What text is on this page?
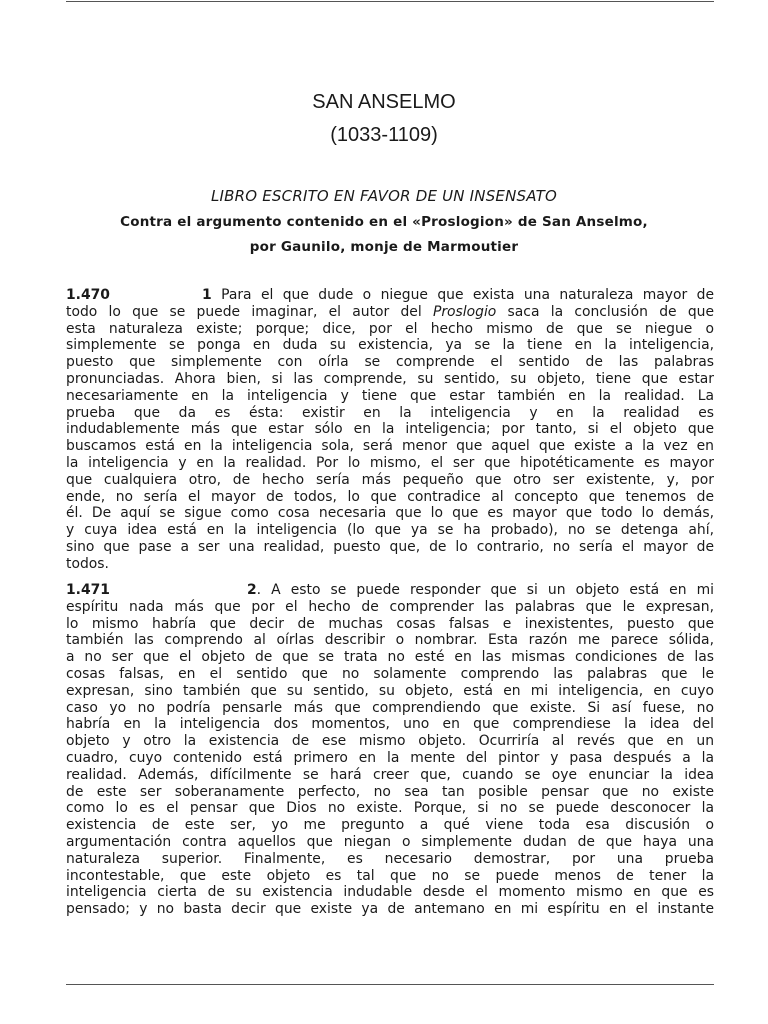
SAN ANSELMO
(1033-1109)
LIBRO ESCRITO EN FAVOR DE UN INSENSATO
Contra el argumento contenido en el «Proslogion» de San Anselmo,
por Gaunilo, monje de Marmoutier
1.470	1 Para el que dude o niegue que exista una naturaleza mayor de
todo lo que se puede imaginar, el autor del Proslogio saca la conclusión de que
esta naturaleza existe; porque; dice, por el hecho mismo de que se niegue o
simplemente se ponga en duda su existencia, ya se la tiene en la inteligencia,
puesto que simplemente con oírla se comprende el sentido de las palabras
pronunciadas. Ahora bien, si las comprende, su sentido, su objeto, tiene que estar
necesariamente en la inteligencia y tiene que estar también en la realidad. La
prueba que da es ésta: existir en la inteligencia y en la realidad es
indudablemente más que estar sólo en la inteligencia; por tanto, si el objeto que
buscamos está en la inteligencia sola, será menor que aquel que existe a la vez en
la inteligencia y en la realidad. Por lo mismo, el ser que hipotéticamente es mayor
que cualquiera otro, de hecho sería más pequeño que otro ser existente, y, por
ende, no sería el mayor de todos, lo que contradice al concepto que tenemos de
él. De aquí se sigue como cosa necesaria que lo que es mayor que todo lo demás,
y cuya idea está en la inteligencia (lo que ya se ha probado), no se detenga ahí,
sino que pase a ser una realidad, puesto que, de lo contrario, no sería el mayor de
todos.
1.471	2. A esto se puede responder que si un objeto está en mi
espíritu nada más que por el hecho de comprender las palabras que le expresan,
lo mismo habría que decir de muchas cosas falsas e inexistentes, puesto que
también las comprendo al oírlas describir o nombrar. Esta razón me parece sólida,
a no ser que el objeto de que se trata no esté en las mismas condiciones de las
cosas falsas, en el sentido que no solamente comprendo las palabras que le
expresan, sino también que su sentido, su objeto, está en mi inteligencia, en cuyo
caso yo no podría pensarle más que comprendiendo que existe. Si así fuese, no
habría en la inteligencia dos momentos, uno en que comprendiese la idea del
objeto y otro la existencia de ese mismo objeto. Ocurriría al revés que en un
cuadro, cuyo contenido está primero en la mente del pintor y pasa después a la
realidad. Además, difícilmente se hará creer que, cuando se oye enunciar la idea
de este ser soberanamente perfecto, no sea tan posible pensar que no existe
como lo es el pensar que Dios no existe. Porque, si no se puede desconocer la
existencia de este ser, yo me pregunto a qué viene toda esa discusión o
argumentación contra aquellos que niegan o simplemente dudan de que haya una
naturaleza superior. Finalmente, es necesario demostrar, por una prueba
incontestable, que este objeto es tal que no se puede menos de tener la
inteligencia cierta de su existencia indudable desde el momento mismo en que es
pensado; y no basta decir que existe ya de antemano en mi espíritu en el instante
